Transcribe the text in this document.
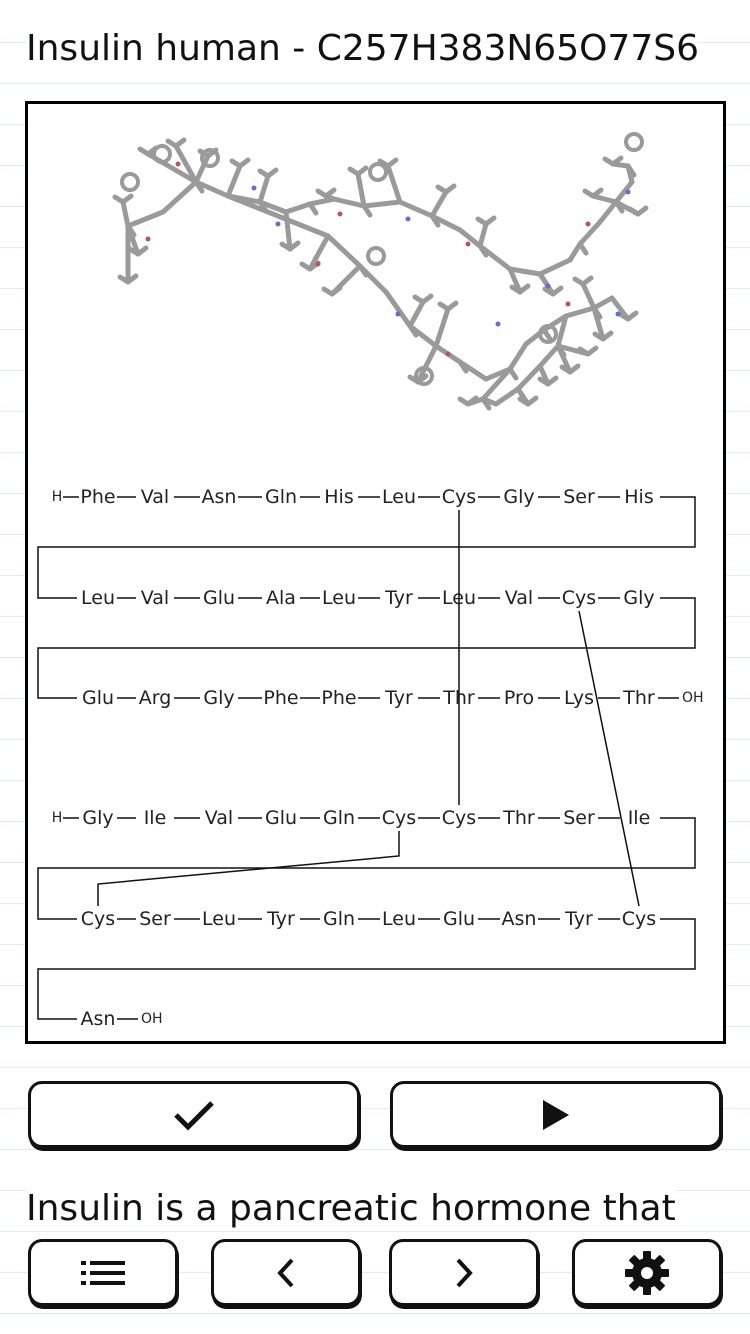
Insulin human - C257H383N65O77S6
Phe Val Asn Gln His Leu Cys Gly Ser His
Leu Val Glu Ala Leu Tyr Leu Val Cys Gly
Glu Arg Gly Phe Phe Tyr Thr Pro Lys Thr
H
OH
Gly Ile Val Glu Gln Cys Cys Thr Ser Ile
Cys Ser Leu Tyr Gln Leu Glu Asn Tyr Cys
Asn
H
OH

Insulin is a pancreatic hormone that
